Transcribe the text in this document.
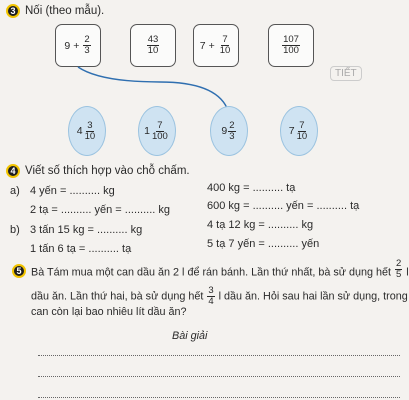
TIẾT
3 Nối (theo mẫu).
$9 + \frac{2}{3}$	$\frac{43}{10}$	$7 + \frac{7}{10}$	$\frac{107}{100}$
$4 \frac{3}{10}$	$1 \frac{7}{100}$	$9 \frac{2}{3}$	$7 \frac{7}{10}$
4 Viết số thích hợp vào chỗ chấm.
a) 4 yến = .......... kg	400 kg = .......... tạ
2 tạ = .......... yến = .......... kg	600 kg = .......... yến = .......... tạ
b) 3 tấn 15 kg = .......... kg	4 tạ 12 kg = .......... kg
1 tấn 6 tạ = .......... tạ	5 tạ 7 yến = .......... yến
5 Bà Tám mua một can dầu ăn 2 l để rán bánh. Lần thứ nhất, bà sử dụng hết $\frac{2}{5}$ l
dầu ăn. Lần thứ hai, bà sử dụng hết $\frac{3}{4}$ l dầu ăn. Hỏi sau hai lần sử dụng, trong
can còn lại bao nhiêu lít dầu ăn?
Bài giải
